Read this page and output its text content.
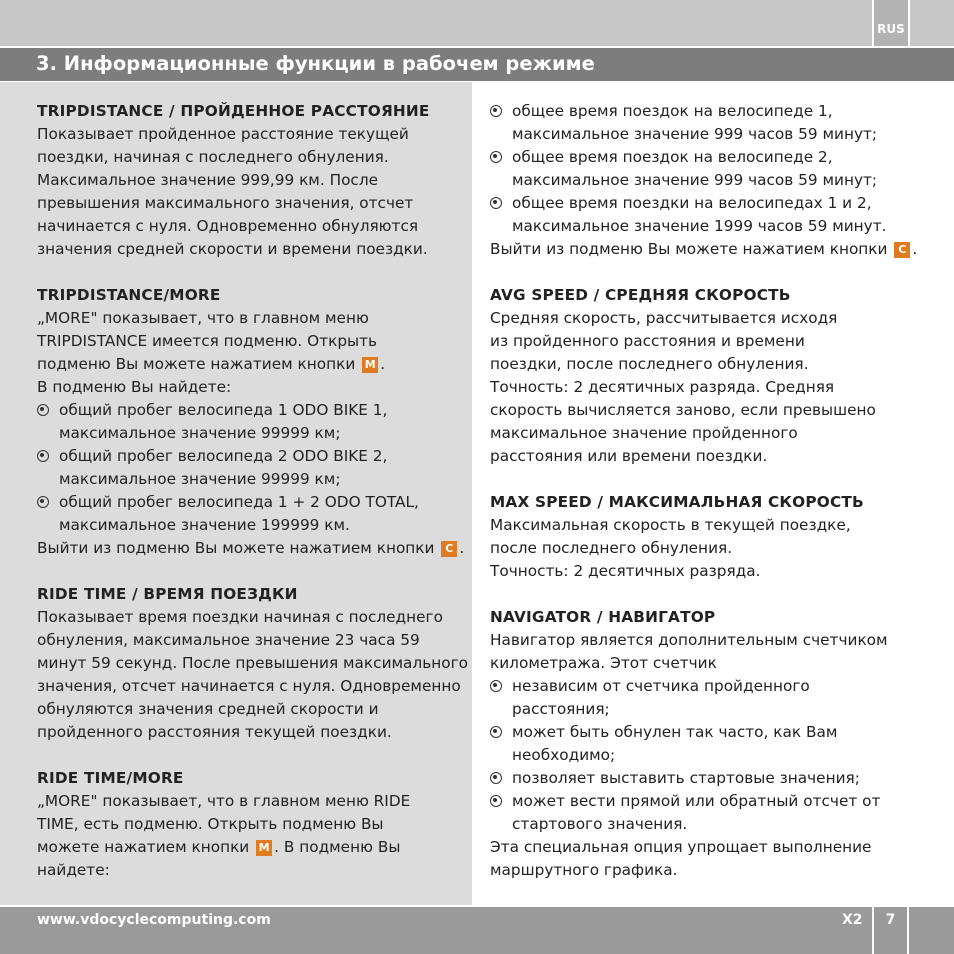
RUS
3. Информационные функции в рабочем режиме
TRIPDISTANCE / ПРОЙДЕННОЕ РАССТОЯНИЕ
Показывает пройденное расстояние текущей
поездки, начиная с последнего обнуления.
Максимальное значение 999,99 км. После
превышения максимального значения, отсчет
начинается с нуля. Одновременно обнуляются
значения средней скорости и времени поездки.
TRIPDISTANCE/MORE
„MORE" показывает, что в главном меню
TRIPDISTANCE имеется подменю. Открыть
подменю Вы можете нажатием кнопки M .
В подменю Вы найдете:
общий пробег велосипеда 1 ODO BIKE 1,
максимальное значение 99999 км;
общий пробег велосипеда 2 ODO BIKE 2,
максимальное значение 99999 км;
общий пробег велосипеда 1 + 2 ODO TOTAL,
максимальное значение 199999 км.
Выйти из подменю Вы можете нажатием кнопки C .
RIDE TIME / ВРЕМЯ ПОЕЗДКИ
Показывает время поездки начиная с последнего
обнуления, максимальное значение 23 часа 59
минут 59 секунд. После превышения максимального
значения, отсчет начинается с нуля. Одновременно
обнуляются значения средней скорости и
пройденного расстояния текущей поездки.
RIDE TIME/MORE
„MORE" показывает, что в главном меню RIDE
TIME, есть подменю. Открыть подменю Вы
можете нажатием кнопки M . В подменю Вы
найдете:
общее время поездок на велосипеде 1,
максимальное значение 999 часов 59 минут;
общее время поездок на велосипеде 2,
максимальное значение 999 часов 59 минут;
общее время поездки на велосипедах 1 и 2,
максимальное значение 1999 часов 59 минут.
Выйти из подменю Вы можете нажатием кнопки C .
AVG SPEED / СРЕДНЯЯ СКОРОСТЬ
Средняя скорость, рассчитывается исходя
из пройденного расстояния и времени
поездки, после последнего обнуления.
Точность: 2 десятичных разряда. Средняя
скорость вычисляется заново, если превышено
максимальное значение пройденного
расстояния или времени поездки.
MAX SPEED / МАКСИМАЛЬНАЯ СКОРОСТЬ
Максимальная скорость в текущей поездке,
после последнего обнуления.
Точность: 2 десятичных разряда.
NAVIGATOR / НАВИГАТОР
Навигатор является дополнительным счетчиком
километража. Этот счетчик
независим от счетчика пройденного
расстояния;
может быть обнулен так часто, как Вам
необходимо;
позволяет выставить стартовые значения;
может вести прямой или обратный отсчет от
стартового значения.
Эта специальная опция упрощает выполнение
маршрутного графика.
www.vdocyclecomputing.com	X2	7
